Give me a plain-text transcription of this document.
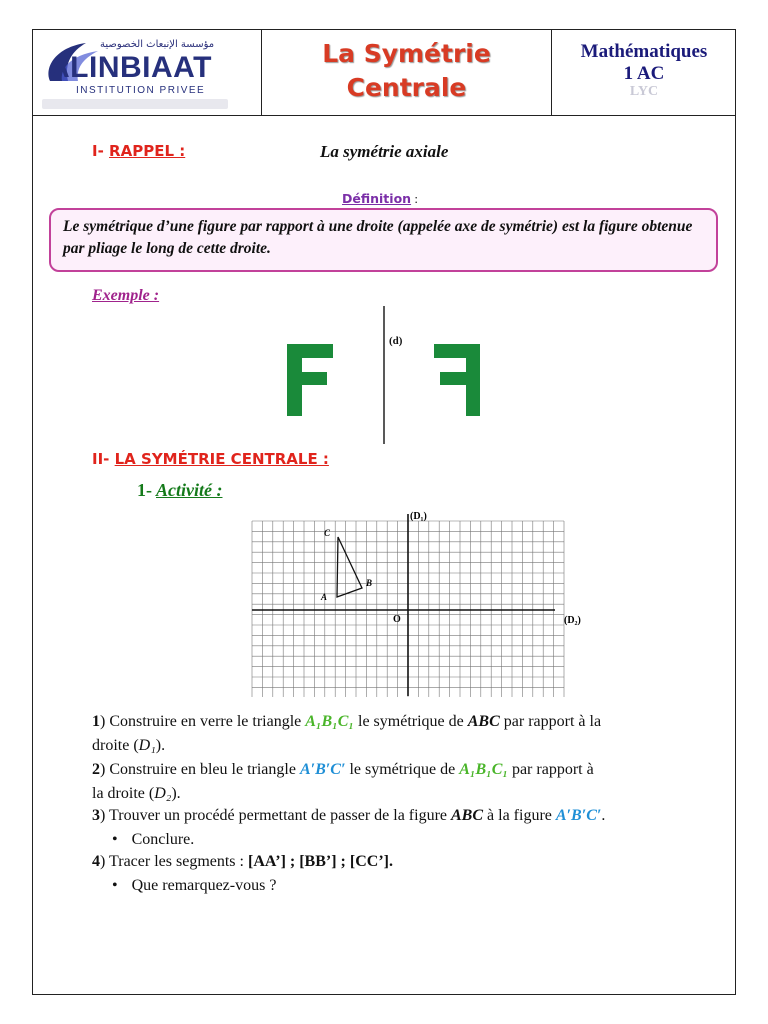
مؤسسة الإنبعاث الخصوصية
ALINBIAAT
INSTITUTION PRIVEE
La Symétrie
Centrale
Mathématiques
1 AC
LYC
I- RAPPEL :	La symétrie axiale
Définition :
Le symétrique d’une figure par rapport à une droite (appelée axe de symétrie) est la figure obtenue par pliage le long de cette droite.
Exemple :
(d)
II- LA SYMÉTRIE CENTRALE :
1- Activité :
A
B
C
O
(D₁)
(D₂)
1) Construire en verre le triangle A₁B₁C₁ le symétrique de ABC par rapport à la
droite (D₁).
2) Construire en bleu le triangle A′B′C′ le symétrique de A₁B₁C₁ par rapport à
la droite (D₂).
3) Trouver un procédé permettant de passer de la figure ABC à la figure A′B′C′.
• Conclure.
4) Tracer les segments : [AA’] ; [BB’] ; [CC’].
• Que remarquez-vous ?
